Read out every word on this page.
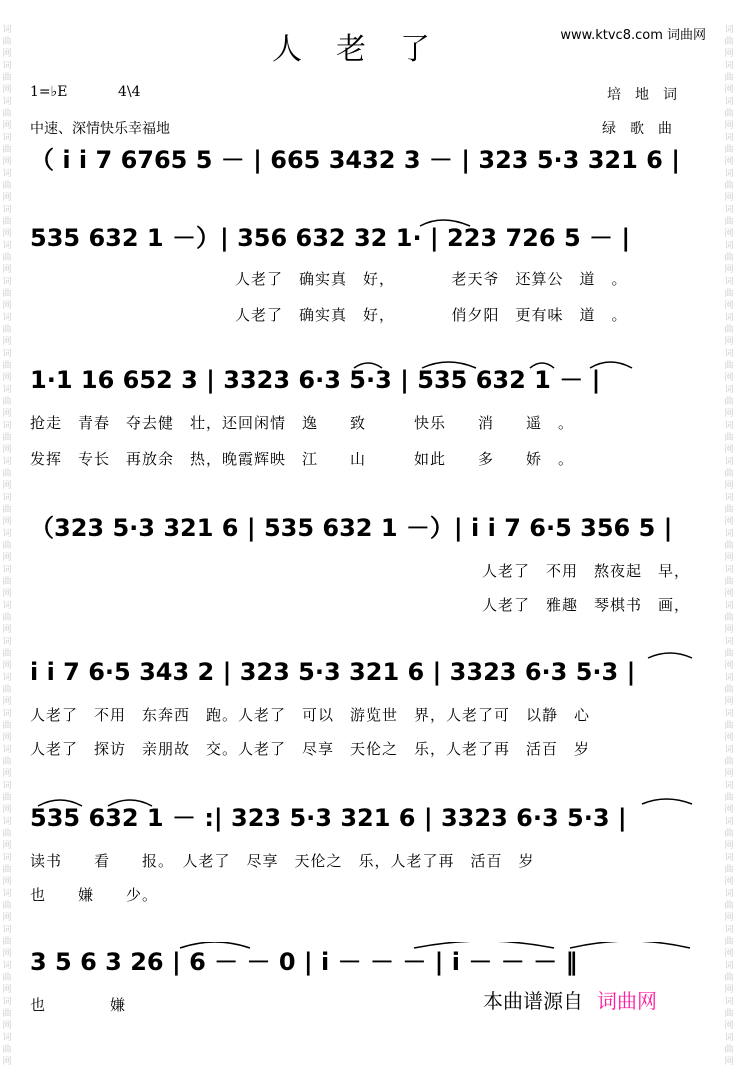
词曲网
词曲网
词曲网
词曲网
词曲网
词曲网
词曲网
词曲网
词曲网
词曲网
词曲网
词曲网
词曲网
词曲网
词曲网
词曲网
词曲网
词曲网
词曲网
词曲网
词曲网
词曲网
词曲网
词曲网
词曲网
词曲网
词曲网
词曲网
词曲网

词曲网
词曲网
词曲网
词曲网
词曲网
词曲网
词曲网
词曲网
词曲网
词曲网
词曲网
词曲网
词曲网
词曲网
词曲网
词曲网
词曲网
词曲网
词曲网
词曲网
词曲网
词曲网
词曲网
词曲网
词曲网
词曲网
词曲网
词曲网
词曲网

人老了	www.ktvc8.com 词曲网
1=♭E	4\4	培　地　词
中速、深情快乐幸福地	绿　歌　曲
（ i i 7 6765 5 － | 665 3432 3 － | 323 5·3 321 6 |
535 632 1 －）| 356 632 32 1· | 223 726 5 － |
人老了　确实真　好，　　　　老天爷　还算公　道　。
人老了　确实真　好，　　　　俏夕阳　更有味　道　。
1·1 16 652 3 | 3323 6·3 5·3 | 535 632 1 － |
抢走　青春　夺去健　壮，还回闲情　逸　　致　　　快乐　　消　　遥　。
发挥　专长　再放余　热，晚霞辉映　江　　山　　　如此　　多　　娇　。
（323 5·3 321 6 | 535 632 1 －）| i i 7 6·5 356 5 |
人老了　不用　熬夜起　早，
人老了　雅趣　琴棋书　画，
i i 7 6·5 343 2 | 323 5·3 321 6 | 3323 6·3 5·3 |
人老了　不用　东奔西　跑。人老了　可以　游览世　界，人老了可　以静　心
人老了　探访　亲朋故　交。人老了　尽享　天伦之　乐，人老了再　活百　岁
535 632 1 － :| 323 5·3 321 6 | 3323 6·3 5·3 |
读书　　看　　报。　人老了　尽享　天伦之　乐，人老了再　活百　岁
也　　嫌　　少。
3 5 6 3 26 | 6 － － 0 | i － － － | i － － － ‖
也　　　　嫌	本曲谱源自 词曲网
